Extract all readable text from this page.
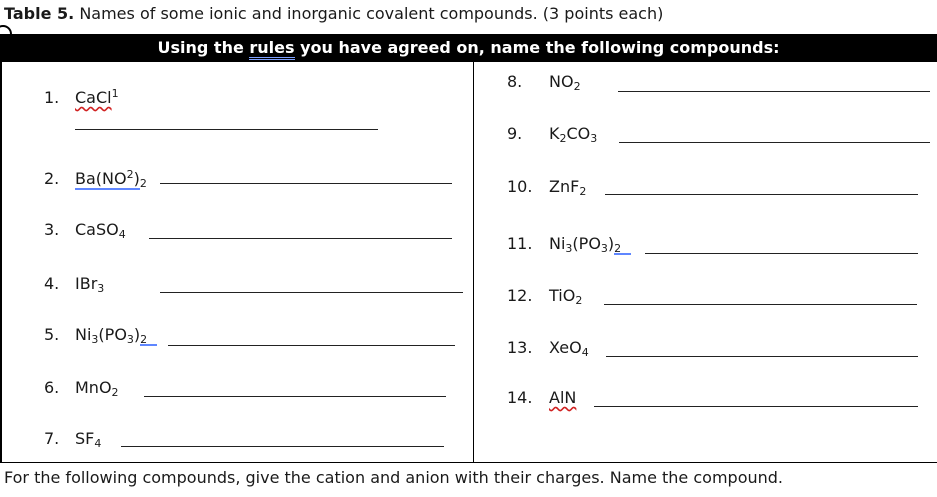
Table 5. Names of some ionic and inorganic covalent compounds. (3 points each)
Using the rules you have agreed on, name the following compounds:
1. CaCl$^1$
2. $Ba(NO^2)_2$
3. CaSO$_4$
4. IBr$_3$
5. $Ni_3(PO_3)_2$
6. MnO$_2$
7. $SF_4$
8. $NO_2$
9. $K_2CO_3$
10. ZnF$_2$
11. $Ni_3(PO_3)_2$
12. TiO$_2$
13. XeO$_4$
14. AlN
For the following compounds, give the cation and anion with their charges. Name the compound.
